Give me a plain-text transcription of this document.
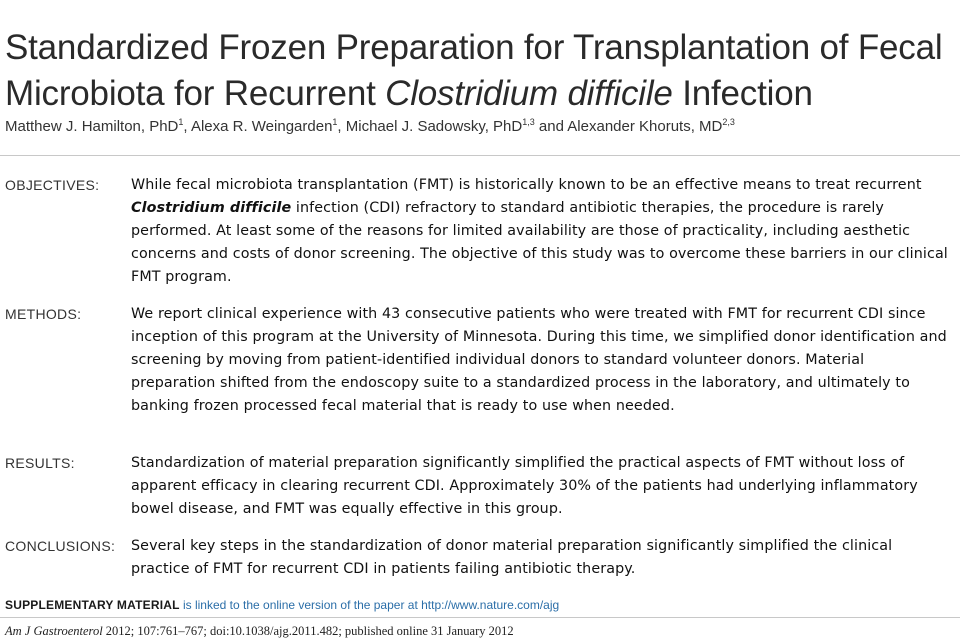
Standardized Frozen Preparation for Transplantation of Fecal Microbiota for Recurrent Clostridium difficile Infection
Matthew J. Hamilton, PhD$^1$, Alexa R. Weingarden$^1$, Michael J. Sadowsky, PhD$^{1,3}$ and Alexander Khoruts, MD$^{2,3}$
OBJECTIVES: While fecal microbiota transplantation (FMT) is historically known to be an effective means to treat recurrent Clostridium difficile infection (CDI) refractory to standard antibiotic therapies, the procedure is rarely performed. At least some of the reasons for limited availability are those of practicality, including aesthetic concerns and costs of donor screening. The objective of this study was to overcome these barriers in our clinical FMT program.
METHODS:	We report clinical experience with 43 consecutive patients who were treated with FMT for recurrent CDI since inception of this program at the University of Minnesota. During this time, we simplified donor identification and screening by moving from patient-identified individual donors to standard volunteer donors. Material preparation shifted from the endoscopy suite to a standardized process in the laboratory, and ultimately to banking frozen processed fecal material that is ready to use when needed.
RESULTS:	Standardization of material preparation significantly simplified the practical aspects of FMT without loss of apparent efficacy in clearing recurrent CDI. Approximately 30% of the patients had underlying inflammatory bowel disease, and FMT was equally effective in this group.
CONCLUSIONS: Several key steps in the standardization of donor material preparation significantly simplified the clinical practice of FMT for recurrent CDI in patients failing antibiotic therapy.
SUPPLEMENTARY MATERIAL is linked to the online version of the paper at http://www.nature.com/ajg
Am J Gastroenterol 2012; 107:761–767; doi:10.1038/ajg.2011.482; published online 31 January 2012
